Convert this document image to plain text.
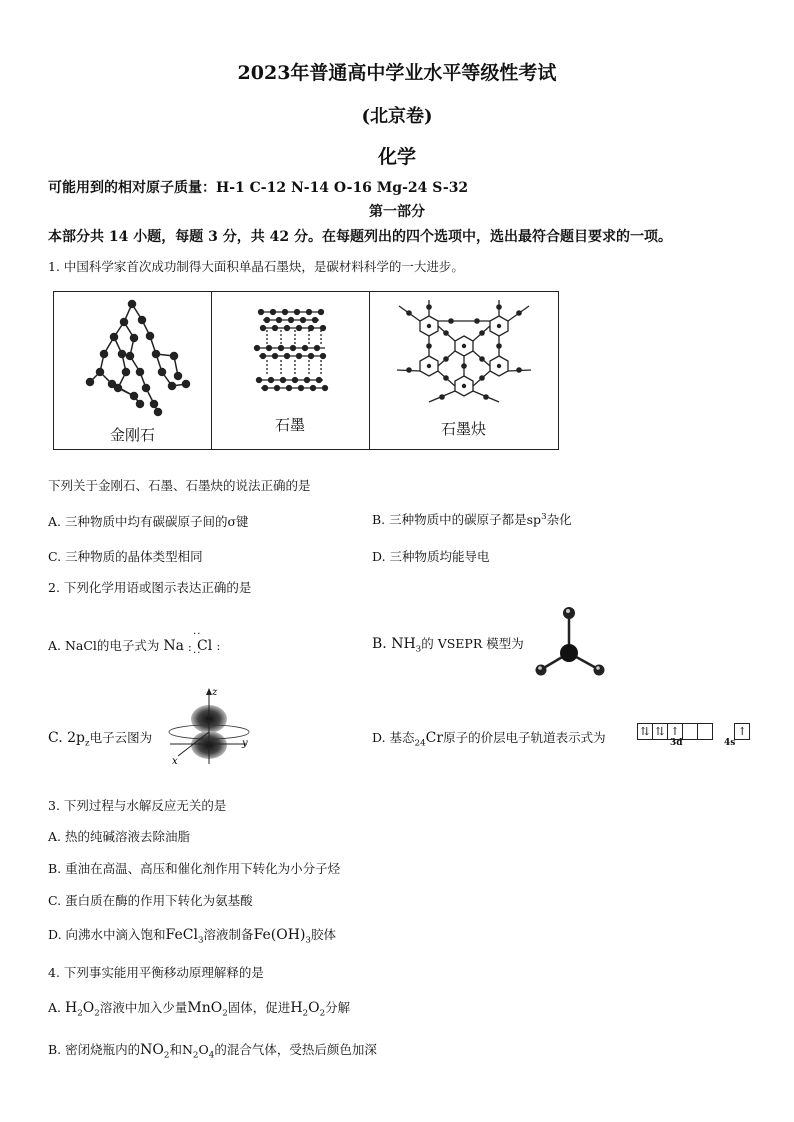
2023年普通高中学业水平等级性考试
(北京卷)
化学
可能用到的相对原子质量：H-1 C-12 N-14 O-16 Mg-24 S-32
第一部分
本部分共 14 小题，每题 3 分，共 42 分。在每题列出的四个选项中，选出最符合题目要求的一项。
1. 中国科学家首次成功制得大面积单晶石墨炔，是碳材料科学的一大进步。
金刚石
石墨	石墨炔
下列关于金刚石、石墨、石墨炔的说法正确的是
A. 三种物质中均有碳碳原子间的σ键	B. 三种物质中的碳原子都是$sp^3$杂化
C. 三种物质的晶体类型相同	D. 三种物质均能导电
2. 下列化学用语或图示表达正确的是
A. NaCl的电子式为 Na :
··
Cl
··
:	B. $NH_3$的 VSEPR 模型为
C. $2p_z$电子云图为
z
y
x
D. 基态$_{24}$Cr原子的价层电子轨道表示式为	⇅ ⇅ ↑	↑
3d	4s
3. 下列过程与水解反应无关的是
A. 热的纯碱溶液去除油脂
B. 重油在高温、高压和催化剂作用下转化为小分子烃
C. 蛋白质在酶的作用下转化为氨基酸
D. 向沸水中滴入饱和FeCl$_3$溶液制备$Fe(OH)_3$胶体
4. 下列事实能用平衡移动原理解释的是
A. $H_2O_2$溶液中加入少量MnO$_2$固体，促进$H_2O_2$分解
B. 密闭烧瓶内的$NO_2$和$N_2O_4$的混合气体，受热后颜色加深
